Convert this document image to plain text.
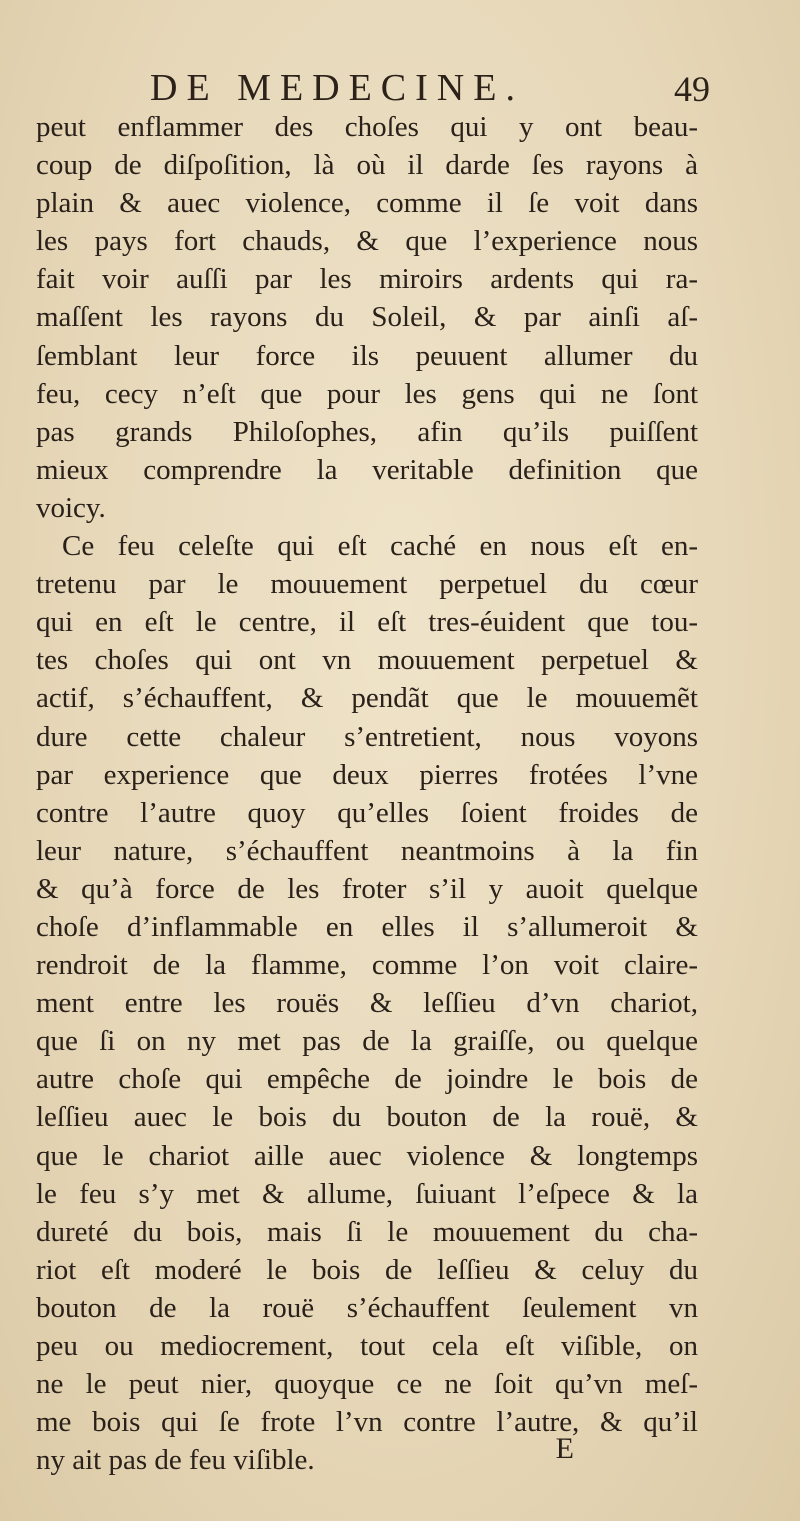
DE MEDECINE.	49
peut enflammer des choſes qui y ont beau-
coup de diſpoſition, là où il darde ſes rayons à
plain & auec violence, comme il ſe voit dans
les pays fort chauds, & que l’experience nous
fait voir auſſi par les miroirs ardents qui ra-
maſſent les rayons du Soleil, & par ainſi aſ-
ſemblant leur force ils peuuent allumer du
feu, cecy n’eſt que pour les gens qui ne ſont
pas grands Philoſophes, afin qu’ils puiſſent
mieux comprendre la veritable definition que
voicy.
Ce feu celeſte qui eſt caché en nous eſt en-
tretenu par le mouuement perpetuel du cœur
qui en eſt le centre, il eſt tres-éuident que tou-
tes choſes qui ont vn mouuement perpetuel &
actif, s’échauffent, & pendãt que le mouuemẽt
dure cette chaleur s’entretient, nous voyons
par experience que deux pierres frotées l’vne
contre l’autre quoy qu’elles ſoient froides de
leur nature, s’échauffent neantmoins à la fin
& qu’à force de les froter s’il y auoit quelque
choſe d’inflammable en elles il s’allumeroit &
rendroit de la flamme, comme l’on voit claire-
ment entre les rouës & leſſieu d’vn chariot,
que ſi on ny met pas de la graiſſe, ou quelque
autre choſe qui empêche de joindre le bois de
leſſieu auec le bois du bouton de la rouë, &
que le chariot aille auec violence & longtemps
le feu s’y met & allume, ſuiuant l’eſpece & la
dureté du bois, mais ſi le mouuement du cha-
riot eſt moderé le bois de leſſieu & celuy du
bouton de la rouë s’échauffent ſeulement vn
peu ou mediocrement, tout cela eſt viſible, on
ne le peut nier, quoyque ce ne ſoit qu’vn meſ-
me bois qui ſe frote l’vn contre l’autre, & qu’il
ny ait pas de feu viſible.	E
